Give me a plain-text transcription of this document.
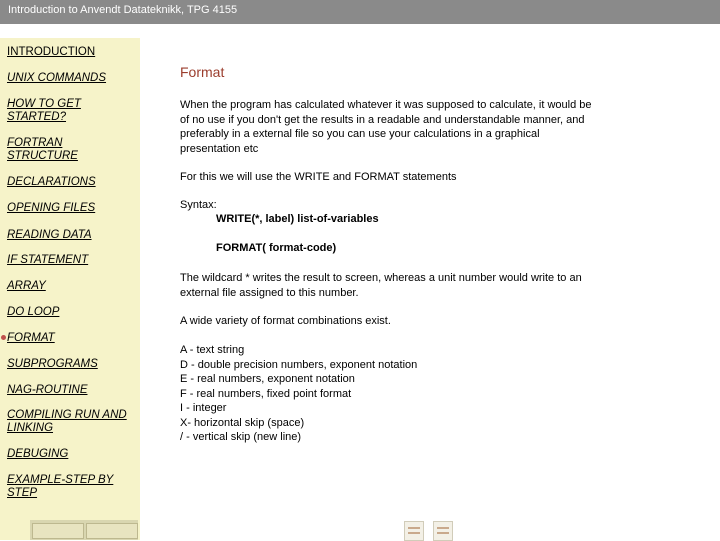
Introduction to Anvendt Datateknikk, TPG 4155
INTRODUCTION
UNIX COMMANDS
HOW TO GET STARTED?
FORTRAN STRUCTURE
DECLARATIONS
OPENING FILES
READING DATA
IF STATEMENT
ARRAY
DO LOOP
FORMAT
SUBPROGRAMS
NAG-ROUTINE
COMPILING RUN AND LINKING
DEBUGING
EXAMPLE-STEP BY STEP
Format
When the program has calculated whatever it was supposed to calculate, it would be of no use if you don't get the results in a readable and understandable manner, and preferably in a external file so you can use your calculations in a graphical presentation etc
For this we will use the WRITE and FORMAT statements
Syntax:
WRITE(*, label) list-of-variables
FORMAT( format-code)
The wildcard * writes the result to screen, whereas a unit number would write to an external file assigned to this number.
A wide variety of format combinations exist.
A - text string
D - double precision numbers, exponent notation
E - real numbers, exponent notation
F - real numbers, fixed point format
I - integer
X- horizontal skip (space)
/ - vertical skip (new line)
